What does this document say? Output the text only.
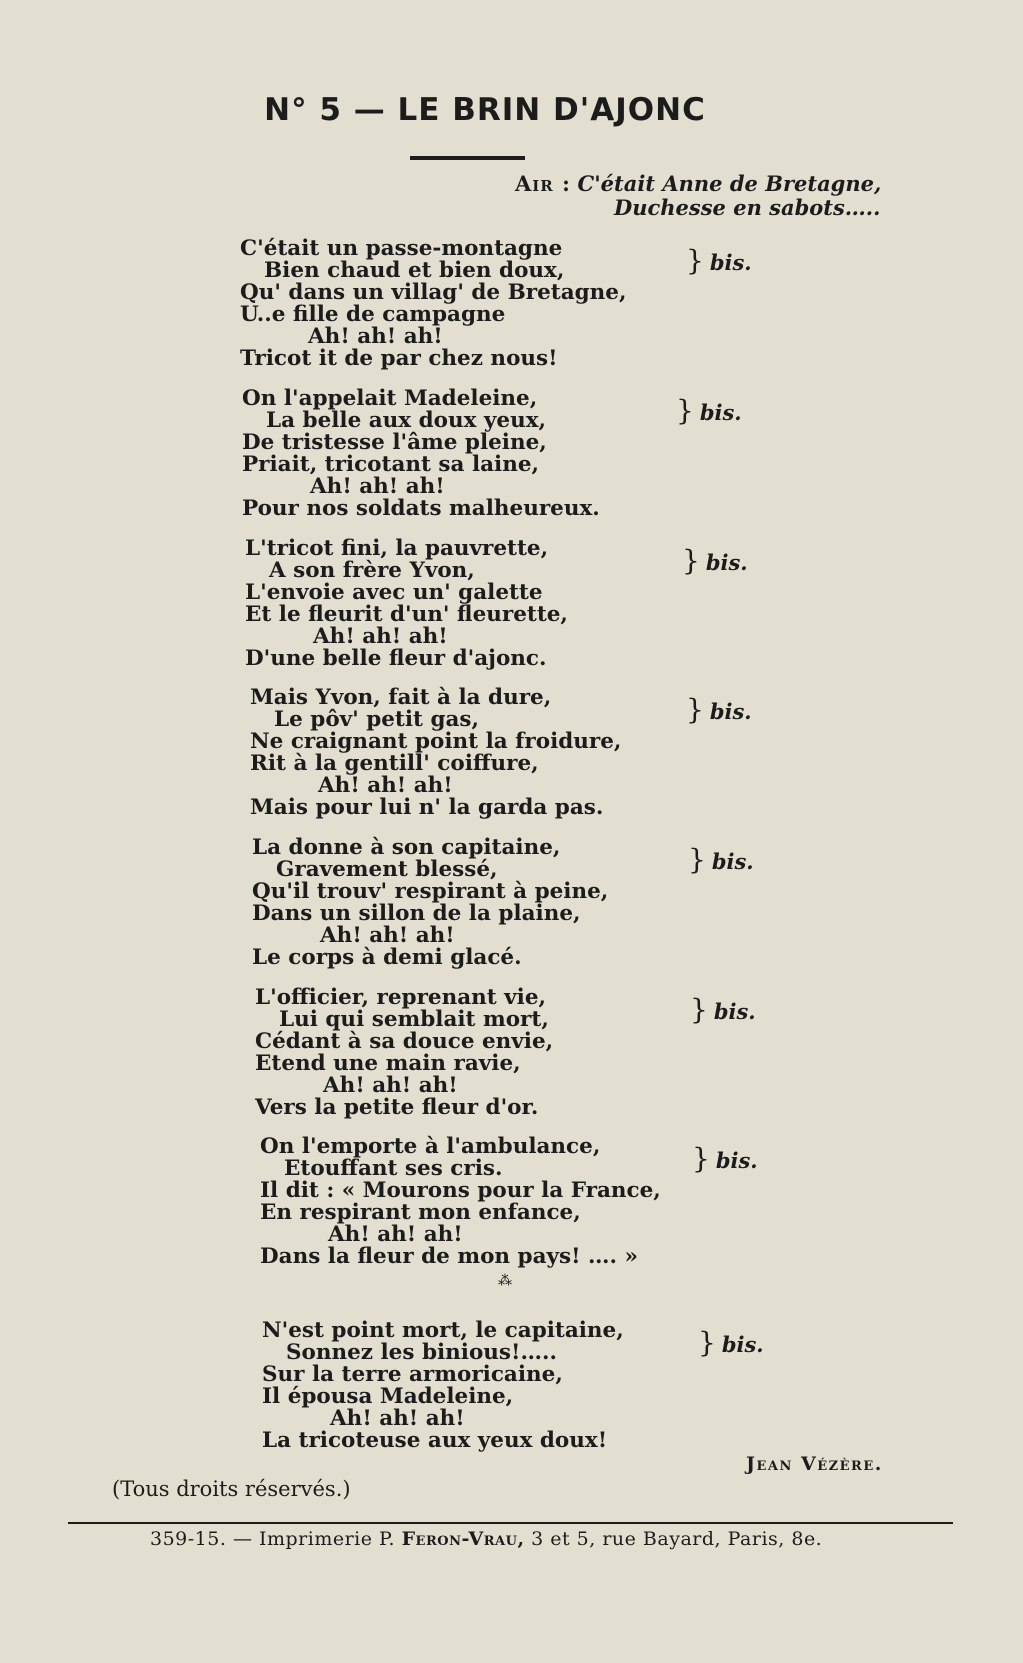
N° 5 — LE BRIN D'AJONC
Air : C'était Anne de Bretagne,
Duchesse en sabots…..
C'était un passe-montagne
Bien chaud et bien doux,
Qu' dans un villag' de Bretagne,
U..e fille de campagne
Ah! ah! ah!
Tricot it de par chez nous!
} bis.
On l'appelait Madeleine,
La belle aux doux yeux,
De tristesse l'âme pleine,
Priait, tricotant sa laine,
Ah! ah! ah!
Pour nos soldats malheureux.
} bis.
L'tricot fini, la pauvrette,
A son frère Yvon,
L'envoie avec un' galette
Et le fleurit d'un' fleurette,
Ah! ah! ah!
D'une belle fleur d'ajonc.
} bis.
Mais Yvon, fait à la dure,
Le pôv' petit gas,
Ne craignant point la froidure,
Rit à la gentill' coiffure,
Ah! ah! ah!
Mais pour lui n' la garda pas.
} bis.
La donne à son capitaine,
Gravement blessé,
Qu'il trouv' respirant à peine,
Dans un sillon de la plaine,
Ah! ah! ah!
Le corps à demi glacé.
} bis.
L'officier, reprenant vie,
Lui qui semblait mort,
Cédant à sa douce envie,
Etend une main ravie,
Ah! ah! ah!
Vers la petite fleur d'or.
} bis.
On l'emporte à l'ambulance,
Etouffant ses cris.
Il dit : « Mourons pour la France,
En respirant mon enfance,
Ah! ah! ah!
Dans la fleur de mon pays! …. »
} bis.
⁂
N'est point mort, le capitaine,
Sonnez les binious!…..
Sur la terre armoricaine,
Il épousa Madeleine,
Ah! ah! ah!
La tricoteuse aux yeux doux!
} bis.
Jean Vézère.
(Tous droits réservés.)
359-15. — Imprimerie P. Feron-Vrau, 3 et 5, rue Bayard, Paris, 8e.
